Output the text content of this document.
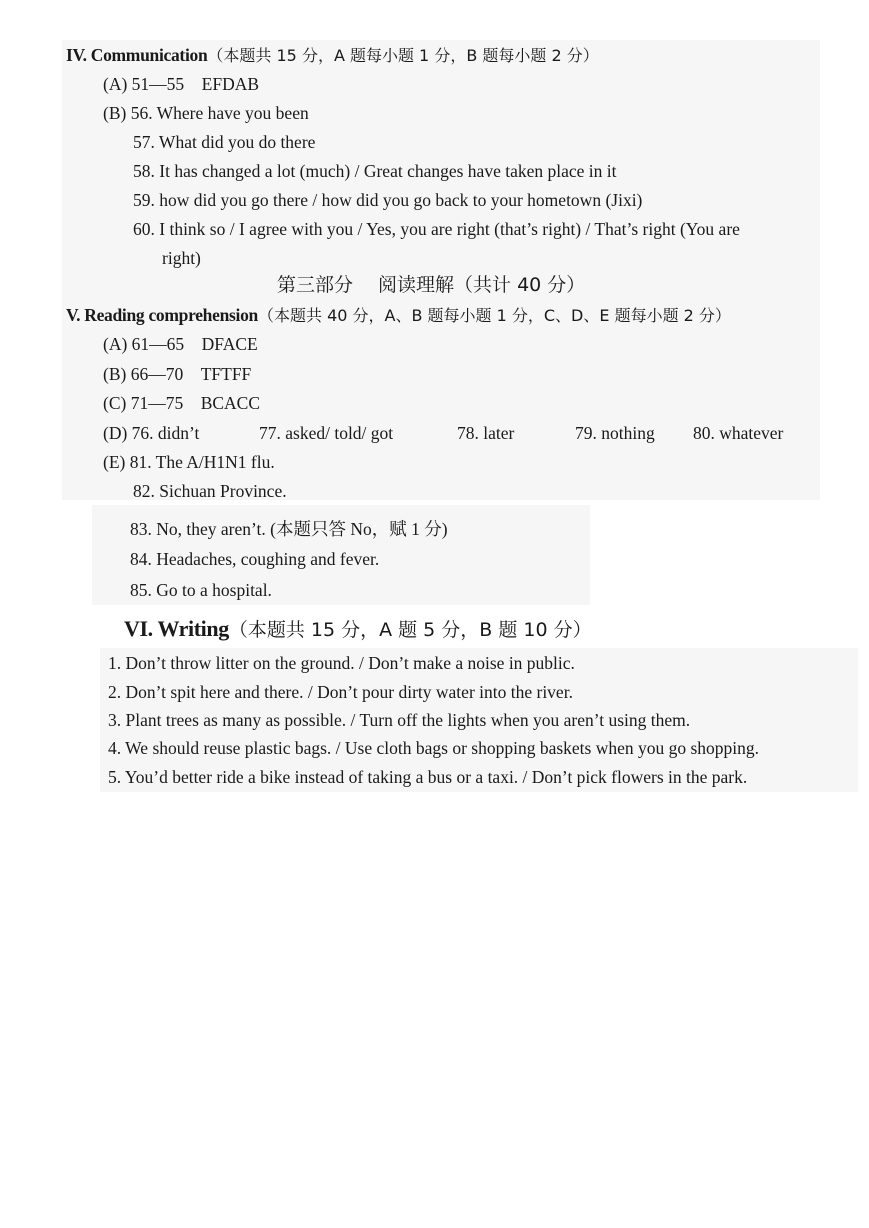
IV. Communication（本题共 15 分，A 题每小题 1 分，B 题每小题 2 分）
(A) 51—55　EFDAB
(B) 56. Where have you been
57. What did you do there
58. It has changed a lot (much) / Great changes have taken place in it
59. how did you go there / how did you go back to your hometown (Jixi)
60. I think so / I agree with you / Yes, you are right (that’s right) / That’s right (You are
right)
第三部分　 阅读理解（共计 40 分）
V. Reading comprehension（本题共 40 分，A、B 题每小题 1 分，C、D、E 题每小题 2 分）
(A) 61—65　DFACE
(B) 66—70　TFTFF
(C) 71—75　BCACC
(D) 76. didn’t	77. asked/ told/ got	78. later	79. nothing 80. whatever
(E) 81. The A/H1N1 flu.
82. Sichuan Province.
83. No, they aren’t. (本题只答 No，赋 1 分)
84. Headaches, coughing and fever.
85. Go to a hospital.
VI. Writing（本题共 15 分，A 题 5 分，B 题 10 分）
1. Don’t throw litter on the ground. / Don’t make a noise in public.
2. Don’t spit here and there. / Don’t pour dirty water into the river.
3. Plant trees as many as possible. / Turn off the lights when you aren’t using them.
4. We should reuse plastic bags. / Use cloth bags or shopping baskets when you go shopping.
5. You’d better ride a bike instead of taking a bus or a taxi. / Don’t pick flowers in the park.
